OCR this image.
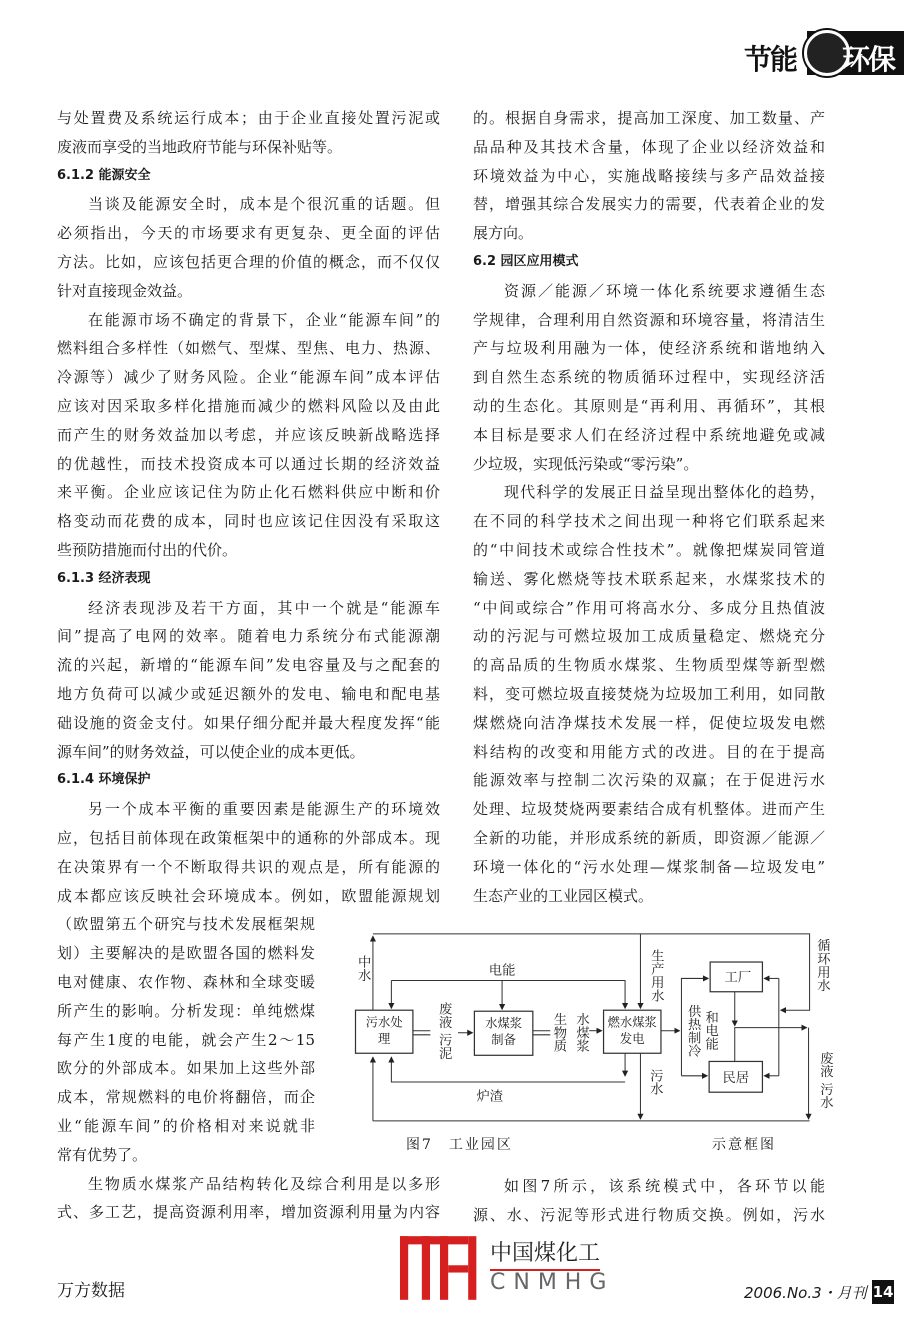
节能 环保
与处置费及系统运行成本；由于企业直接处置污泥或
废液而享受的当地政府节能与环保补贴等。
6.1.2 能源安全
当谈及能源安全时，成本是个很沉重的话题。但
必须指出，今天的市场要求有更复杂、更全面的评估
方法。比如，应该包括更合理的价值的概念，而不仅仅
针对直接现金效益。
在能源市场不确定的背景下，企业“能源车间”的
燃料组合多样性（如燃气、型煤、型焦、电力、热源、
冷源等）减少了财务风险。企业“能源车间”成本评估
应该对因采取多样化措施而减少的燃料风险以及由此
而产生的财务效益加以考虑，并应该反映新战略选择
的优越性，而技术投资成本可以通过长期的经济效益
来平衡。企业应该记住为防止化石燃料供应中断和价
格变动而花费的成本，同时也应该记住因没有采取这
些预防措施而付出的代价。
6.1.3 经济表现
经济表现涉及若干方面，其中一个就是“能源车
间”提高了电网的效率。随着电力系统分布式能源潮
流的兴起，新增的“能源车间”发电容量及与之配套的
地方负荷可以减少或延迟额外的发电、输电和配电基
础设施的资金支付。如果仔细分配并最大程度发挥“能
源车间”的财务效益，可以使企业的成本更低。
6.1.4 环境保护
另一个成本平衡的重要因素是能源生产的环境效
应，包括目前体现在政策框架中的通称的外部成本。现
在决策界有一个不断取得共识的观点是，所有能源的
成本都应该反映社会环境成本。例如，欧盟能源规划
（欧盟第五个研究与技术发展框架规
划）主要解决的是欧盟各国的燃料发
电对健康、农作物、森林和全球变暖
所产生的影响。分析发现：单纯燃煤
每产生1度的电能，就会产生2～15
欧分的外部成本。如果加上这些外部
成本，常规燃料的电价将翻倍，而企
业“能源车间”的价格相对来说就非
常有优势了。
生物质水煤浆产品结构转化及综合利用是以多形
式、多工艺，提高资源利用率，增加资源利用量为内容
的。根据自身需求，提高加工深度、加工数量、产
品品种及其技术含量，体现了企业以经济效益和
环境效益为中心，实施战略接续与多产品效益接
替，增强其综合发展实力的需要，代表着企业的发
展方向。
6.2 园区应用模式
资源／能源／环境一体化系统要求遵循生态
学规律，合理利用自然资源和环境容量，将清洁生
产与垃圾利用融为一体，使经济系统和谐地纳入
到自然生态系统的物质循环过程中，实现经济活
动的生态化。其原则是“再利用、再循环”，其根
本目标是要求人们在经济过程中系统地避免或减
少垃圾，实现低污染或“零污染”。
现代科学的发展正日益呈现出整体化的趋势，
在不同的科学技术之间出现一种将它们联系起来
的“中间技术或综合性技术”。就像把煤炭同管道
输送、雾化燃烧等技术联系起来，水煤浆技术的
“中间或综合”作用可将高水分、多成分且热值波
动的污泥与可燃垃圾加工成质量稳定、燃烧充分
的高品质的生物质水煤浆、生物质型煤等新型燃
料，变可燃垃圾直接焚烧为垃圾加工利用，如同散
煤燃烧向洁净煤技术发展一样，促使垃圾发电燃
料结构的改变和用能方式的改进。目的在于提高
能源效率与控制二次污染的双赢；在于促进污水
处理、垃圾焚烧两要素结合成有机整体。进而产生
全新的功能，并形成系统的新质，即资源／能源／
环境一体化的“污水处理—煤浆制备—垃圾发电”
生态产业的工业园区模式。
如图7所示，该系统模式中，各环节以能
源、水、污泥等形式进行物质交换。例如，污水
污水处理
水煤浆制备
燃水煤浆发电
工厂
民居
中水	电能
废液 污泥	生物质 水煤浆
生产用水
供热制冷 和电能
循环用水
炉渣
污水	废液 污水
图7　工业园区	示意框图
中国煤化工
CNMHG
万方数据	2006.No.3・月刊 14
